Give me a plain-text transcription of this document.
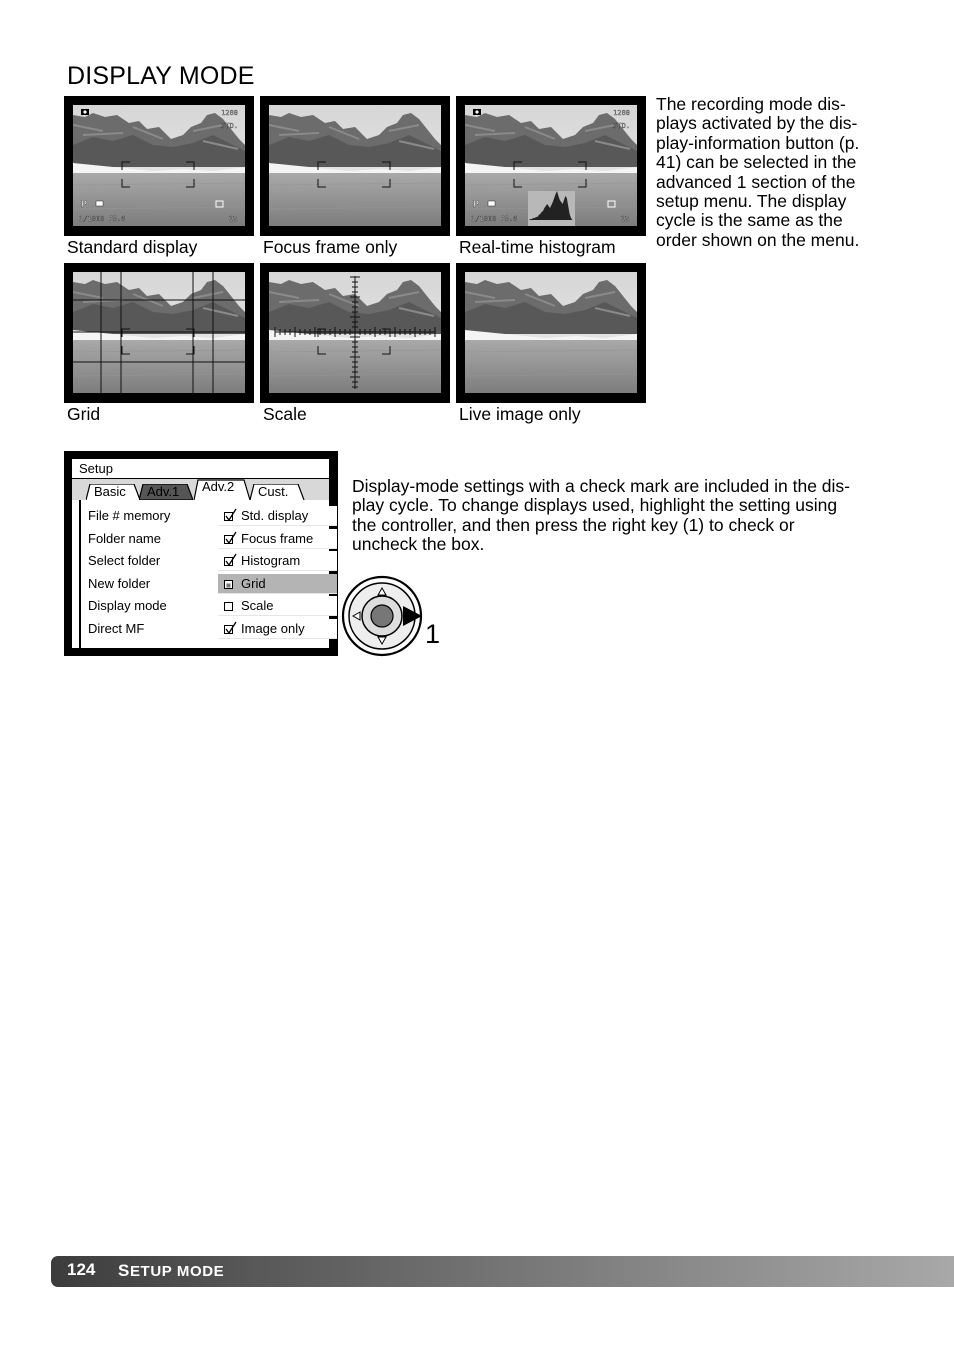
DISPLAY MODE
1280
STD.
P
1/1000 F5.6	12
1280
STD.
P
1/1000 F5.6	12
Standard display	Focus frame only	Real-time histogram
Grid	Scale	Live image only
The recording mode dis-
plays activated by the dis-
play-information button (p.
41) can be selected in the
advanced 1 section of the
setup menu. The display
cycle is the same as the
order shown on the menu.
Setup
Basic	Adv.1	Adv.2	Cust.
File # memory	Std. display
Folder name	Focus frame
Select folder	Histogram
New folder	Grid
Display mode	Scale
Direct MF	Image only
Display-mode settings with a check mark are included in the dis-
play cycle. To change displays used, highlight the setting using
the controller, and then press the right key (1) to check or
uncheck the box.
1
124 SETUP MODE
